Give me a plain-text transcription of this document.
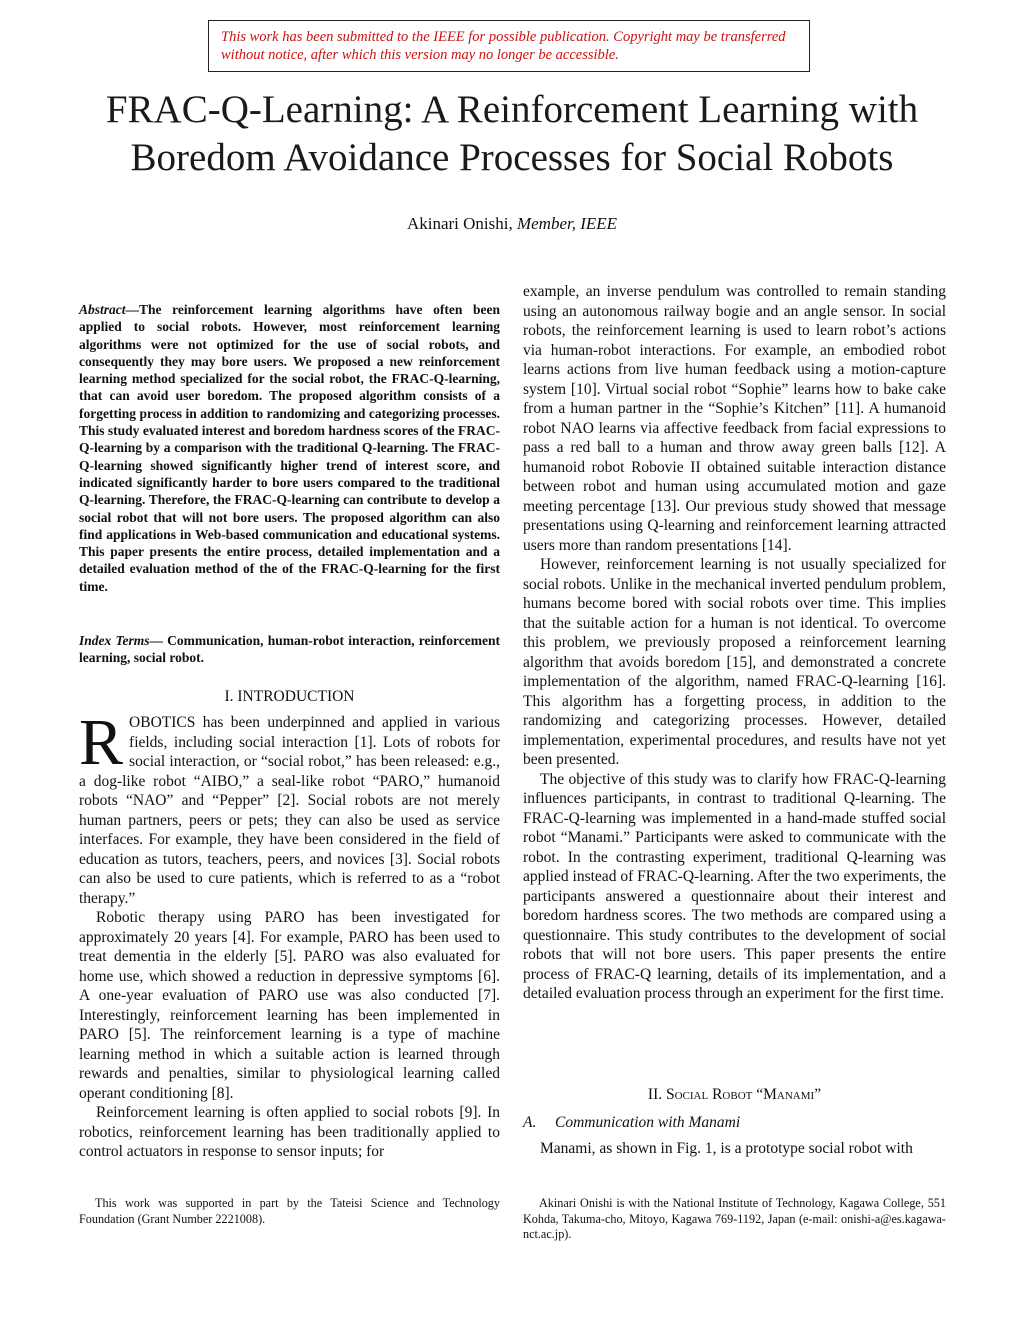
This work has been submitted to the IEEE for possible publication. Copyright may be transferred without notice, after which this version may no longer be accessible.
FRAC-Q-Learning: A Reinforcement Learning with
Boredom Avoidance Processes for Social Robots
Akinari Onishi, Member, IEEE
Abstract—The reinforcement learning algorithms have often been applied to social robots. However, most reinforcement learning algorithms were not optimized for the use of social robots, and consequently they may bore users. We proposed a new reinforcement learning method specialized for the social robot, the FRAC-Q-learning, that can avoid user boredom. The proposed algorithm consists of a forgetting process in addition to randomizing and categorizing processes. This study evaluated interest and boredom hardness scores of the FRAC-Q-learning by a comparison with the traditional Q-learning. The FRAC-Q-learning showed significantly higher trend of interest score, and indicated significantly harder to bore users compared to the traditional Q-learning. Therefore, the FRAC-Q-learning can contribute to develop a social robot that will not bore users. The proposed algorithm can also find applications in Web-based communication and educational systems. This paper presents the entire process, detailed implementation and a detailed evaluation method of the of the FRAC-Q-learning for the first time.
Index Terms— Communication, human-robot interaction, reinforcement learning, social robot.
I. INTRODUCTION

ROBOTICS has been underpinned and applied in various fields, including social interaction [1]. Lots of robots for social interaction, or “social robot,” has been released: e.g., a dog-like robot “AIBO,” a seal-like robot “PARO,” humanoid robots “NAO” and “Pepper” [2]. Social robots are not merely human partners, peers or pets; they can also be used as service interfaces. For example, they have been considered in the field of education as tutors, teachers, peers, and novices [3]. Social robots can also be used to cure patients, which is referred to as a “robot therapy.”

Robotic therapy using PARO has been investigated for approximately 20 years [4]. For example, PARO has been used to treat dementia in the elderly [5]. PARO was also evaluated for home use, which showed a reduction in depressive symptoms [6]. A one-year evaluation of PARO use was also conducted [7]. Interestingly, reinforcement learning has been implemented in PARO [5]. The reinforcement learning is a type of machine learning method in which a suitable action is learned through rewards and penalties, similar to physiological learning called operant conditioning [8].

Reinforcement learning is often applied to social robots [9]. In robotics, reinforcement learning has been traditionally applied to control actuators in response to sensor inputs; for

example, an inverse pendulum was controlled to remain standing using an autonomous railway bogie and an angle sensor. In social robots, the reinforcement learning is used to learn robot’s actions via human-robot interactions. For example, an embodied robot learns actions from live human feedback using a motion-capture system [10]. Virtual social robot “Sophie” learns how to bake cake from a human partner in the “Sophie’s Kitchen” [11]. A humanoid robot NAO learns via affective feedback from facial expressions to pass a red ball to a human and throw away green balls [12]. A humanoid robot Robovie II obtained suitable interaction distance between robot and human using accumulated motion and gaze meeting percentage [13]. Our previous study showed that message presentations using Q-learning and reinforcement learning attracted users more than random presentations [14].

However, reinforcement learning is not usually specialized for social robots. Unlike in the mechanical inverted pendulum problem, humans become bored with social robots over time. This implies that the suitable action for a human is not identical. To overcome this problem, we previously proposed a reinforcement learning algorithm that avoids boredom [15], and demonstrated a concrete implementation of the algorithm, named FRAC-Q-learning [16]. This algorithm has a forgetting process, in addition to the randomizing and categorizing processes. However, detailed implementation, experimental procedures, and results have not yet been presented.

The objective of this study was to clarify how FRAC-Q-learning influences participants, in contrast to traditional Q-learning. The FRAC-Q-learning was implemented in a hand-made stuffed social robot “Manami.” Participants were asked to communicate with the robot. In the contrasting experiment, traditional Q-learning was applied instead of FRAC-Q-learning. After the two experiments, the participants answered a questionnaire about their interest and boredom hardness scores. The two methods are compared using a questionnaire. This study contributes to the development of social robots that will not bore users. This paper presents the entire process of FRAC-Q learning, details of its implementation, and a detailed evaluation process through an experiment for the first time.

II. Social Robot “Manami”
A. Communication with Manami

Manami, as shown in Fig. 1, is a prototype social robot with

This work was supported in part by the Tateisi Science and Technology Foundation (Grant Number 2221008).
Akinari Onishi is with the National Institute of Technology, Kagawa College, 551 Kohda, Takuma-cho, Mitoyo, Kagawa 769-1192, Japan (e-mail: onishi-a@es.kagawa-nct.ac.jp).
